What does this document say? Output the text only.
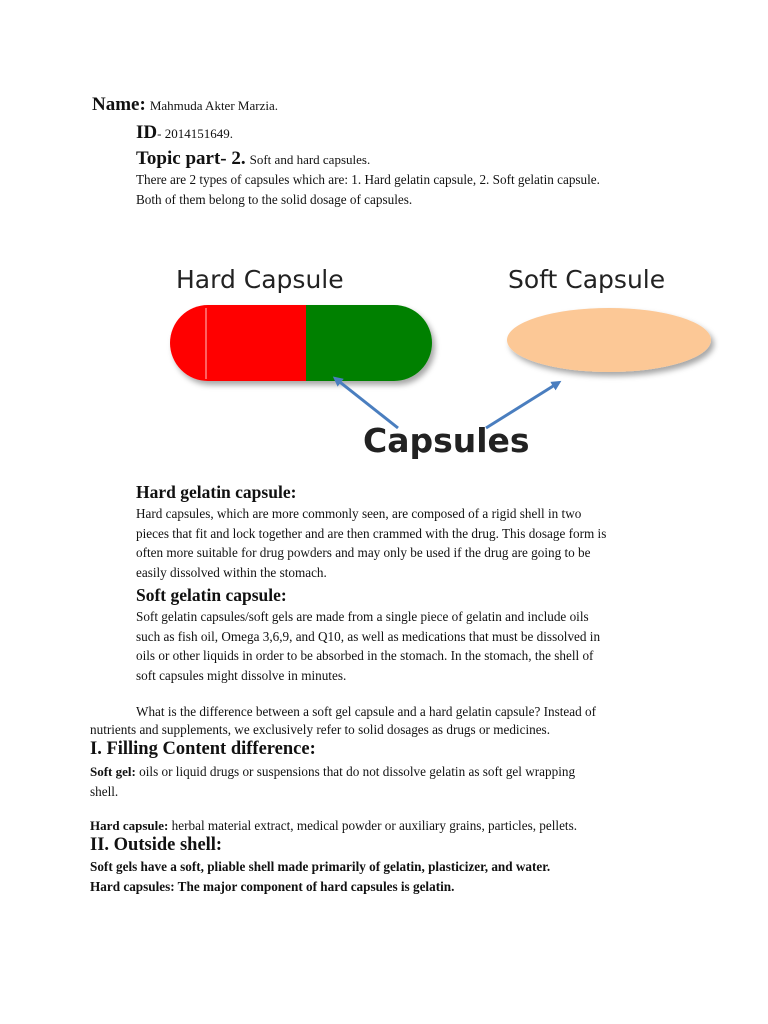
Name: Mahmuda Akter Marzia.
ID- 2014151649.
Topic part- 2. Soft and hard capsules.
There are 2 types of capsules which are: 1. Hard gelatin capsule, 2. Soft gelatin capsule.
Both of them belong to the solid dosage of capsules.
Hard Capsule	Soft Capsule
Capsules
Hard gelatin capsule:
Hard capsules, which are more commonly seen, are composed of a rigid shell in two
pieces that fit and lock together and are then crammed with the drug. This dosage form is
often more suitable for drug powders and may only be used if the drug are going to be
easily dissolved within the stomach.
Soft gelatin capsule:
Soft gelatin capsules/soft gels are made from a single piece of gelatin and include oils
such as fish oil, Omega 3,6,9, and Q10, as well as medications that must be dissolved in
oils or other liquids in order to be absorbed in the stomach. In the stomach, the shell of
soft capsules might dissolve in minutes.
What is the difference between a soft gel capsule and a hard gelatin capsule? Instead of
nutrients and supplements, we exclusively refer to solid dosages as drugs or medicines.
I. Filling Content difference:
Soft gel: oils or liquid drugs or suspensions that do not dissolve gelatin as soft gel wrapping
shell.
Hard capsule: herbal material extract, medical powder or auxiliary grains, particles, pellets.
II. Outside shell:
Soft gels have a soft, pliable shell made primarily of gelatin, plasticizer, and water.
Hard capsules: The major component of hard capsules is gelatin.
